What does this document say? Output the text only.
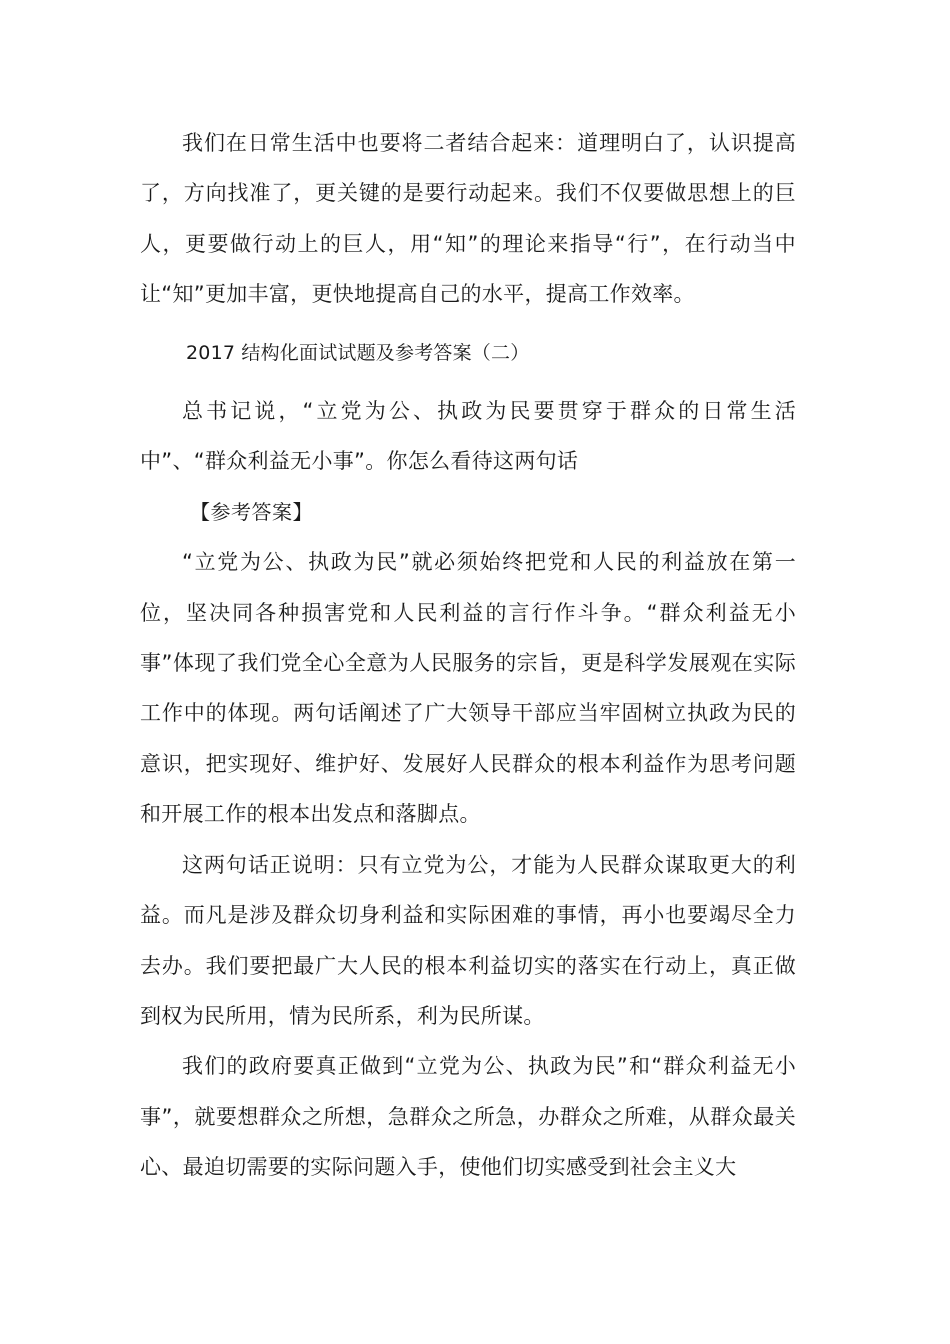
我们在日常生活中也要将二者结合起来：道理明白了，认识提高了，方向找准了，更关键的是要行动起来。我们不仅要做思想上的巨人，更要做行动上的巨人，用“知”的理论来指导“行”，在行动当中让“知”更加丰富，更快地提高自己的水平，提高工作效率。

2017 结构化面试试题及参考答案（二）

总书记说，“立党为公、执政为民要贯穿于群众的日常生活中”、“群众利益无小事”。你怎么看待这两句话

【参考答案】

“立党为公、执政为民”就必须始终把党和人民的利益放在第一位，坚决同各种损害党和人民利益的言行作斗争。“群众利益无小事”体现了我们党全心全意为人民服务的宗旨，更是科学发展观在实际工作中的体现。两句话阐述了广大领导干部应当牢固树立执政为民的意识，把实现好、维护好、发展好人民群众的根本利益作为思考问题和开展工作的根本出发点和落脚点。

这两句话正说明：只有立党为公，才能为人民群众谋取更大的利益。而凡是涉及群众切身利益和实际困难的事情，再小也要竭尽全力去办。我们要把最广大人民的根本利益切实的落实在行动上，真正做到权为民所用，情为民所系，利为民所谋。

我们的政府要真正做到“立党为公、执政为民”和“群众利益无小事”，就要想群众之所想，急群众之所急，办群众之所难，从群众最关心、最迫切需要的实际问题入手，使他们切实感受到社会主义大
